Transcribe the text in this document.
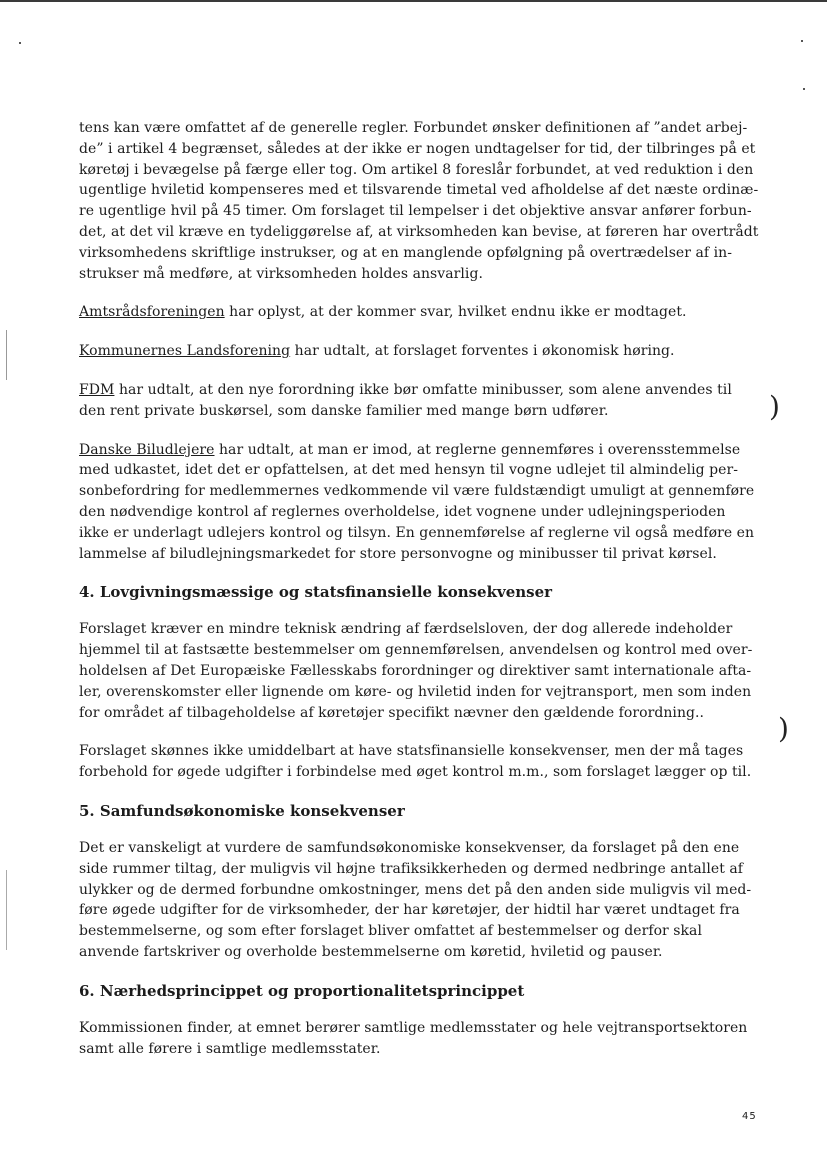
)
)

tens kan være omfattet af de generelle regler. Forbundet ønsker definitionen af ”andet arbej-de” i artikel 4 begrænset, således at der ikke er nogen undtagelser for tid, der tilbringes på et køretøj i bevægelse på færge eller tog. Om artikel 8 foreslår forbundet, at ved reduktion i den ugentlige hviletid kompenseres med et tilsvarende timetal ved afholdelse af det næste ordinæ-re ugentlige hvil på 45 timer. Om forslaget til lempelser i det objektive ansvar anfører forbun-det, at det vil kræve en tydeliggørelse af, at virksomheden kan bevise, at føreren har overtrådt virksomhedens skriftlige instrukser, og at en manglende opfølgning på overtrædelser af in-strukser må medføre, at virksomheden holdes ansvarlig.

Amtsrådsforeningen har oplyst, at der kommer svar, hvilket endnu ikke er modtaget.

Kommunernes Landsforening har udtalt, at forslaget forventes i økonomisk høring.

FDM har udtalt, at den nye forordning ikke bør omfatte minibusser, som alene anvendes til den rent private buskørsel, som danske familier med mange børn udfører.

Danske Biludlejere har udtalt, at man er imod, at reglerne gennemføres i overensstemmelse med udkastet, idet det er opfattelsen, at det med hensyn til vogne udlejet til almindelig per-sonbefordring for medlemmernes vedkommende vil være fuldstændigt umuligt at gennemføre den nødvendige kontrol af reglernes overholdelse, idet vognene under udlejningsperioden ikke er underlagt udlejers kontrol og tilsyn. En gennemførelse af reglerne vil også medføre en lammelse af biludlejningsmarkedet for store personvogne og minibusser til privat kørsel.

4. Lovgivningsmæssige og statsfinansielle konsekvenser

Forslaget kræver en mindre teknisk ændring af færdselsloven, der dog allerede indeholder hjemmel til at fastsætte bestemmelser om gennemførelsen, anvendelsen og kontrol med over-holdelsen af Det Europæiske Fællesskabs forordninger og direktiver samt internationale afta-ler, overenskomster eller lignende om køre- og hviletid inden for vejtransport, men som inden for området af tilbageholdelse af køretøjer specifikt nævner den gældende forordning..

Forslaget skønnes ikke umiddelbart at have statsfinansielle konsekvenser, men der må tages forbehold for øgede udgifter i forbindelse med øget kontrol m.m., som forslaget lægger op til.

5. Samfundsøkonomiske konsekvenser

Det er vanskeligt at vurdere de samfundsøkonomiske konsekvenser, da forslaget på den ene side rummer tiltag, der muligvis vil højne trafiksikkerheden og dermed nedbringe antallet af ulykker og de dermed forbundne omkostninger, mens det på den anden side muligvis vil med-føre øgede udgifter for de virksomheder, der har køretøjer, der hidtil har været undtaget fra bestemmelserne, og som efter forslaget bliver omfattet af bestemmelser og derfor skal anvende fartskriver og overholde bestemmelserne om køretid, hviletid og pauser.

6. Nærhedsprincippet og proportionalitetsprincippet

Kommissionen finder, at emnet berører samtlige medlemsstater og hele vejtransportsektoren samt alle førere i samtlige medlemsstater.

45
